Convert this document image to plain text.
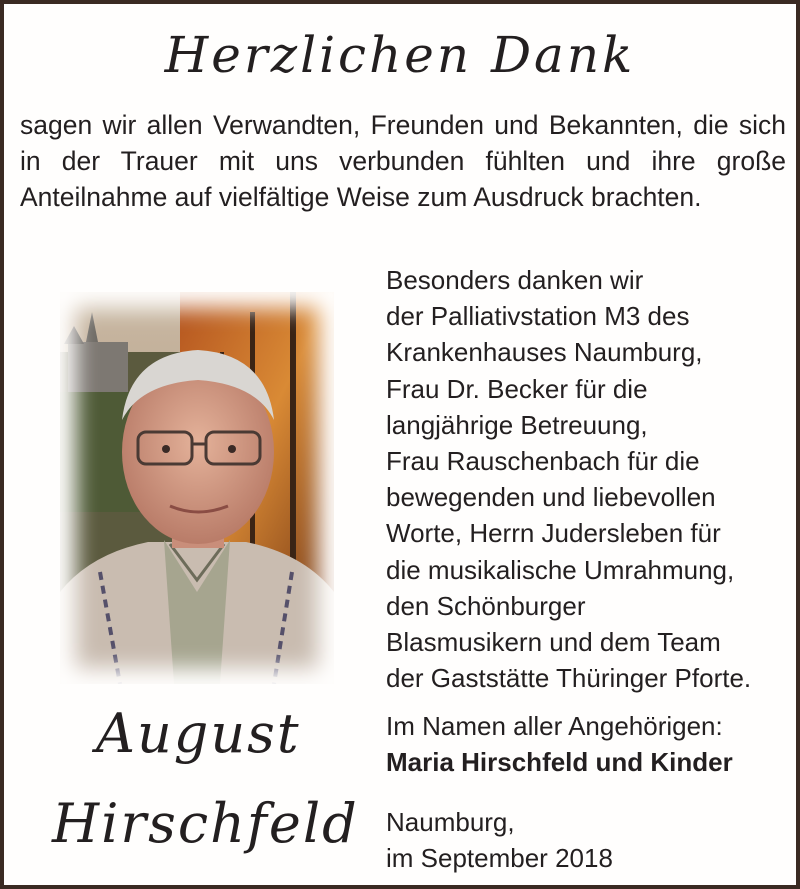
Herzlichen Dank
sagen wir allen Verwandten, Freunden und Bekannten, die sich in der Trauer mit uns verbunden fühlten und ihre große Anteilnahme auf vielfältige Weise zum Ausdruck brachten.
Besonders danken wir
der Palliativstation M3 des
Krankenhauses Naumburg,
Frau Dr. Becker für die
langjährige Betreuung,
Frau Rauschenbach für die
bewegenden und liebevollen
Worte, Herrn Judersleben für
die musikalische Umrahmung,
den Schönburger
Blasmusikern und dem Team
der Gaststätte Thüringer Pforte.
August
Hirschfeld
Im Namen aller Angehörigen:
Maria Hirschfeld und Kinder
Naumburg,
im September 2018
